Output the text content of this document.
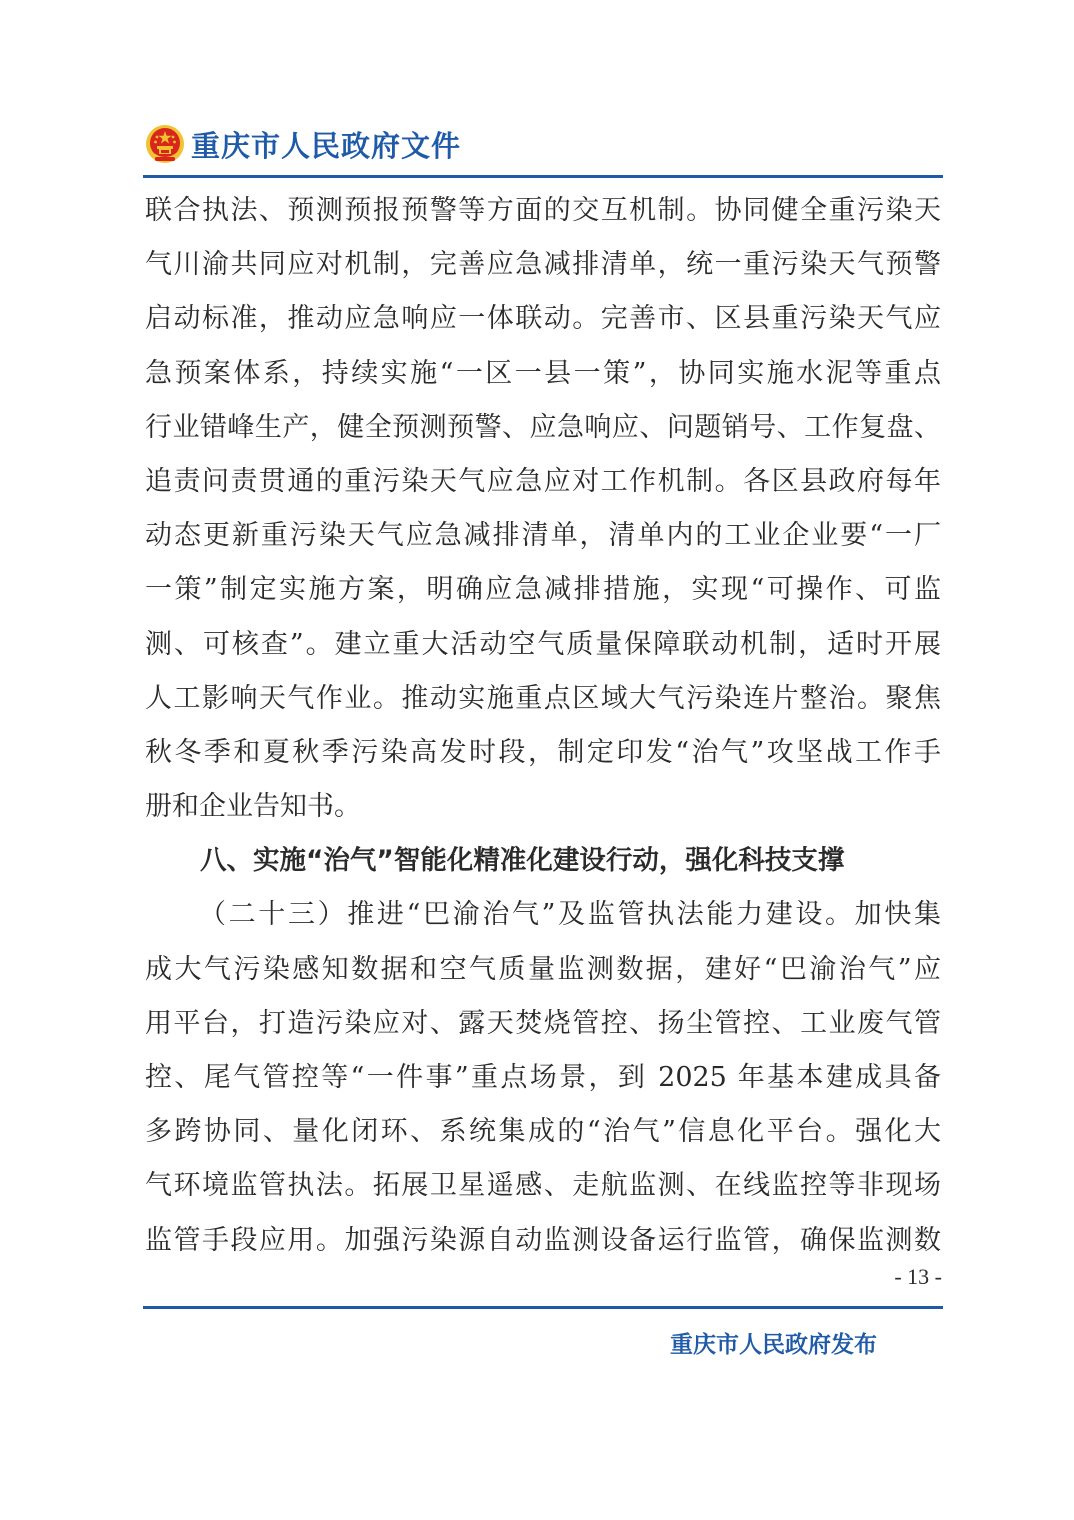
重庆市人民政府文件
联合执法、预测预报预警等方面的交互机制。协同健全重污染天
气川渝共同应对机制，完善应急减排清单，统一重污染天气预警
启动标准，推动应急响应一体联动。完善市、区县重污染天气应
急预案体系，持续实施“一区一县一策”，协同实施水泥等重点
行业错峰生产，健全预测预警、应急响应、问题销号、工作复盘、
追责问责贯通的重污染天气应急应对工作机制。各区县政府每年
动态更新重污染天气应急减排清单，清单内的工业企业要“一厂
一策”制定实施方案，明确应急减排措施，实现“可操作、可监
测、可核查”。建立重大活动空气质量保障联动机制，适时开展
人工影响天气作业。推动实施重点区域大气污染连片整治。聚焦
秋冬季和夏秋季污染高发时段，制定印发“治气”攻坚战工作手
册和企业告知书。
八、实施“治气”智能化精准化建设行动，强化科技支撑
（二十三）推进“巴渝治气”及监管执法能力建设。加快集
成大气污染感知数据和空气质量监测数据，建好“巴渝治气”应
用平台，打造污染应对、露天焚烧管控、扬尘管控、工业废气管
控、尾气管控等“一件事”重点场景，到 2025 年基本建成具备
多跨协同、量化闭环、系统集成的“治气”信息化平台。强化大
气环境监管执法。拓展卫星遥感、走航监测、在线监控等非现场
监管手段应用。加强污染源自动监测设备运行监管，确保监测数
- 13 -
重庆市人民政府发布
